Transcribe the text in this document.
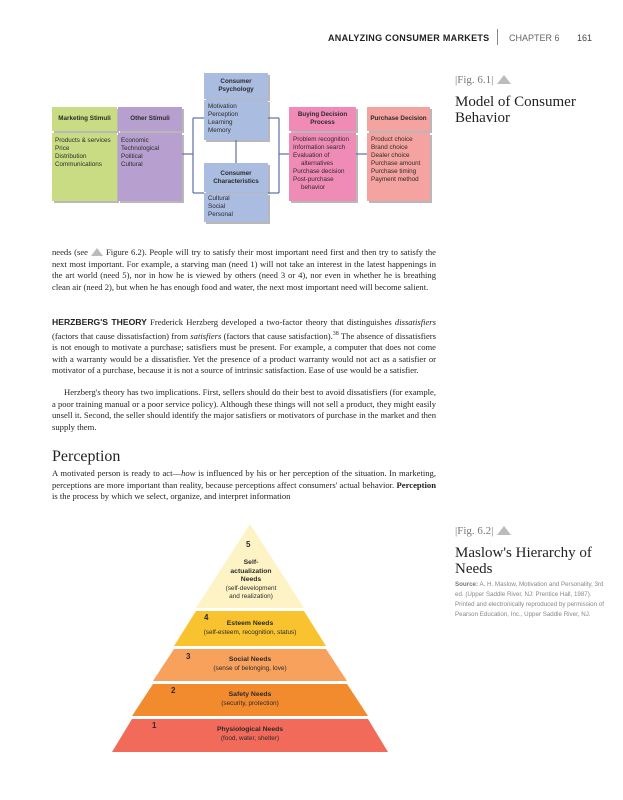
ANALYZING CONSUMER MARKETS CHAPTER 6 161
|Fig. 6.1|
Model of Consumer Behavior
Marketing Stimuli
Products & services
Price
Distribution
Communications
Other Stimuli
Economic
Technological
Political
Cultural
Consumer Psychology
Motivation
Perception
Learning
Memory
Consumer Characteristics
Cultural
Social
Personal
Buying Decision Process
Problem recognition
Information search
Evaluation of
alternatives
Purchase decision
Post-purchase
behavior
Purchase Decision
Product choice
Brand choice
Dealer choice
Purchase amount
Purchase timing
Payment method
needs (see Figure 6.2). People will try to satisfy their most important need first and then try to satisfy the next most important. For example, a starving man (need 1) will not take an interest in the latest happenings in the art world (need 5), nor in how he is viewed by others (need 3 or 4), nor even in whether he is breathing clean air (need 2), but when he has enough food and water, the next most important need will become salient.
HERZBERG'S THEORY Frederick Herzberg developed a two-factor theory that distinguishes dissatisfiers (factors that cause dissatisfaction) from satisfiers (factors that cause satisfaction).$^{38}$ The absence of dissatisfiers is not enough to motivate a purchase; satisfiers must be present. For example, a computer that does not come with a warranty would be a dissatisfier. Yet the presence of a product warranty would not act as a satisfier or motivator of a purchase, because it is not a source of intrinsic satisfaction. Ease of use would be a satisfier.
Herzberg's theory has two implications. First, sellers should do their best to avoid dissatisfiers (for example, a poor training manual or a poor service policy). Although these things will not sell a product, they might easily unsell it. Second, the seller should identify the major satisfiers or motivators of purchase in the market and then supply them.
Perception
A motivated person is ready to act—how is influenced by his or her perception of the situation. In marketing, perceptions are more important than reality, because perceptions affect consumers' actual behavior. Perception is the process by which we select, organize, and interpret information
|Fig. 6.2|
Maslow's Hierarchy of Needs
Source: A. H. Maslow, Motivation and Personality, 3rd ed. (Upper Saddle River, NJ: Prentice Hall, 1987). Printed and electronically reproduced by permission of Pearson Education, Inc., Upper Saddle River, NJ.
5
Self-
actualization
Needs
(self-development
and realization)
4
Esteem Needs
(self-esteem, recognition, status)
3	Social Needs
(sense of belonging, love)
2	Safety Needs
(security, protection)
1	Physiological Needs
(food, water, shelter)
